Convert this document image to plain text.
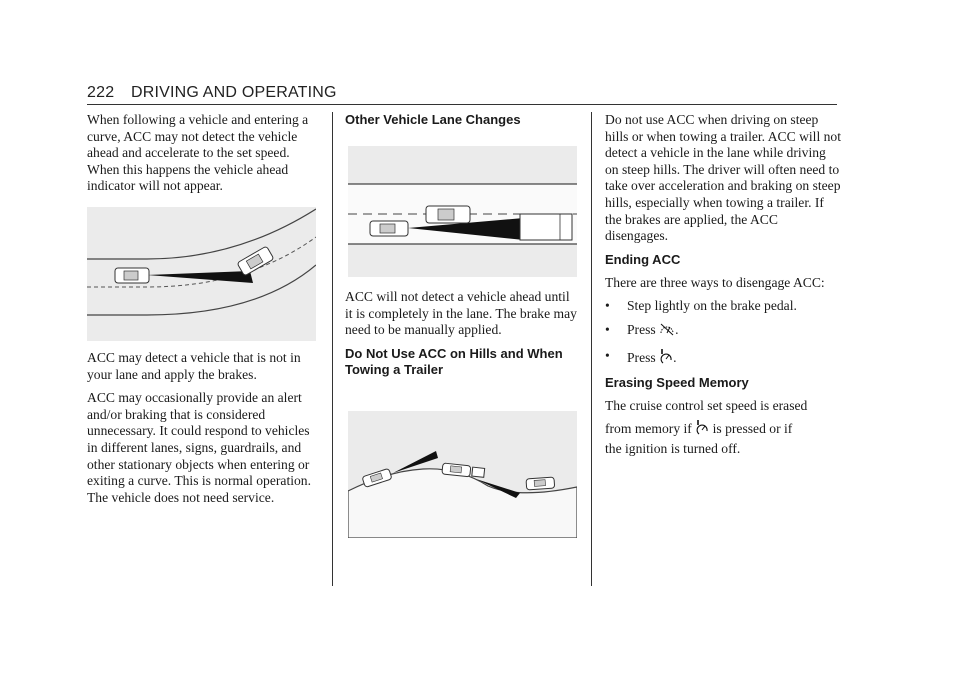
222 DRIVING AND OPERATING

When following a vehicle and entering a curve, ACC may not detect the vehicle ahead and accelerate to the set speed. When this happens the vehicle ahead indicator will not appear.

ACC may detect a vehicle that is not in your lane and apply the brakes.

ACC may occasionally provide an alert and/or braking that is considered unnecessary. It could respond to vehicles in different lanes, signs, guardrails, and other stationary objects when entering or exiting a curve. This is normal operation. The vehicle does not need service.

Other Vehicle Lane Changes

ACC will not detect a vehicle ahead until it is completely in the lane. The brake may need to be manually applied.

Do Not Use ACC on Hills and When Towing a Trailer

Do not use ACC when driving on steep hills or when towing a trailer. ACC will not detect a vehicle in the lane while driving on steep hills. The driver will often need to take over acceleration and braking on steep hills, especially when towing a trailer. If the brakes are applied, the ACC disengages.

Ending ACC

There are three ways to disengage ACC:

•	Step lightly on the brake pedal.
•	Press .
•	Press .
Erasing Speed Memory

The cruise control set speed is erased

from memory if is pressed or if

the ignition is turned off.
